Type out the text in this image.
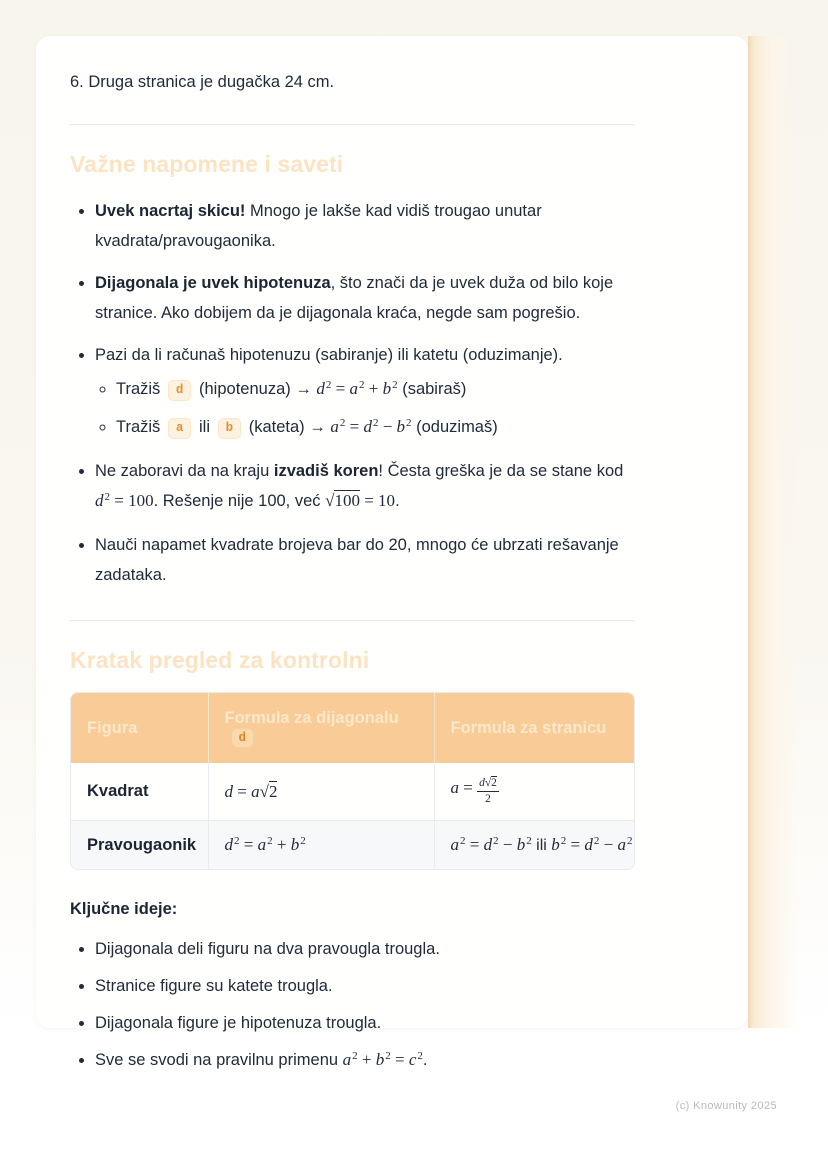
6. Druga stranica je dugačka 24 cm.

Važne napomene i saveti
• Uvek nacrtaj skicu! Mnogo je lakše kad vidiš trougao unutar kvadrata/pravougaonika.
• Dijagonala je uvek hipotenuza, što znači da je uvek duža od bilo koje stranice. Ako dobijem da je dijagonala kraća, negde sam pogrešio.
• Pazi da li računaš hipotenuzu (sabiranje) ili katetu (oduzimanje).
◦ Tražiš d (hipotenuza) → $d^2 = a^2 + b^2$ (sabiraš)
◦ Tražiš a ili b (kateta) → $a^2 = d^2 - b^2$ (oduzimaš)
• Ne zaboravi da na kraju izvadiš koren! Česta greška je da se stane kod $d^2 = 100$. Rešenje nije 100, već √100 = 10.
• Nauči napamet kvadrate brojeva bar do 20, mnogo će ubrzati rešavanje zadataka.
Kratak pregled za kontrolni
Figura	Formula za dijagonalu d	Formula za stranicu
Kvadrat	d = a√2	$a = \frac{d√2}{2}$

Pravougaonik	$d^2 = a^2 + b^2$	$a^2 = d^2 - b^2$ ili $b^2 = d^2 - a^2$

Ključne ideje:

• Dijagonala deli figuru na dva pravougla trougla.
• Stranice figure su katete trougla.
• Dijagonala figure je hipotenuza trougla.
• Sve se svodi na pravilnu primenu $a^2 + b^2 = c^2$.
(c) Knowunity 2025
